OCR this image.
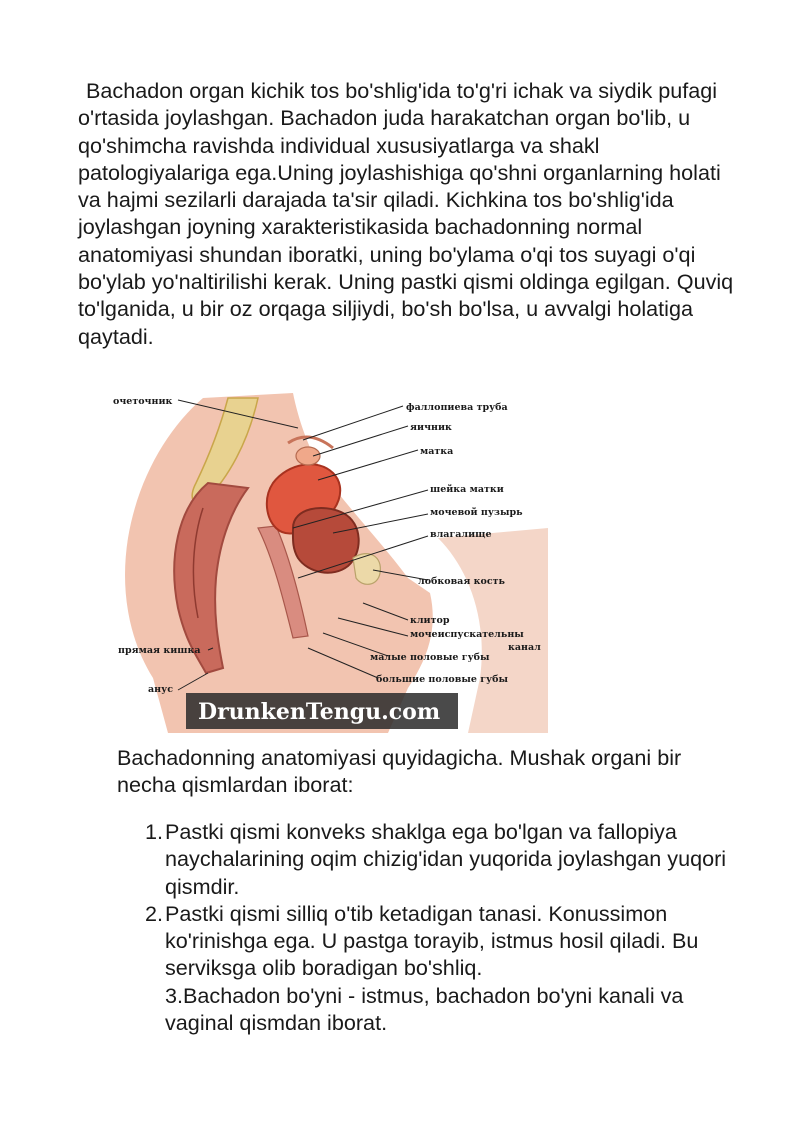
Bachadon organ kichik tos bo'shlig'ida to'g'ri ichak va siydik pufagi o'rtasida joylashgan. Bachadon juda harakatchan organ bo'lib, u qo'shimcha ravishda individual xususiyatlarga va shakl patologiyalariga ega.Uning joylashishiga qo'shni organlarning holati va hajmi sezilarli darajada ta'sir qiladi. Kichkina tos bo'shlig'ida joylashgan joyning xarakteristikasida bachadonning normal anatomiyasi shundan iboratki, uning bo'ylama o'qi tos suyagi o'qi bo'ylab yo'naltirilishi kerak. Uning pastki qismi oldinga egilgan. Quviq to'lganida, u bir oz orqaga siljiydi, bo'sh bo'lsa, u avvalgi holatiga qaytadi.

очеточник
фаллопиева труба
яичник
матка
шейка матки
мочевой пузырь
влагалище
лобковая кость
клитор
мочеиспускательны
канал
малые половые губы
большие половые губы
прямая кишка
анус
DrunkenTengu.com

Bachadonning anatomiyasi quyidagicha. Mushak organi bir necha qismlardan iborat:

1. Pastki qismi konveks shaklga ega bo'lgan va fallopiya naychalarining oqim chizig'idan yuqorida joylashgan yuqori qismdir.
2. Pastki qismi silliq o'tib ketadigan tanasi. Konussimon ko'rinishga ega. U pastga torayib, istmus hosil qiladi. Bu serviksga olib boradigan bo'shliq.
3.Bachadon bo'yni - istmus, bachadon bo'yni kanali va vaginal qismdan iborat.
